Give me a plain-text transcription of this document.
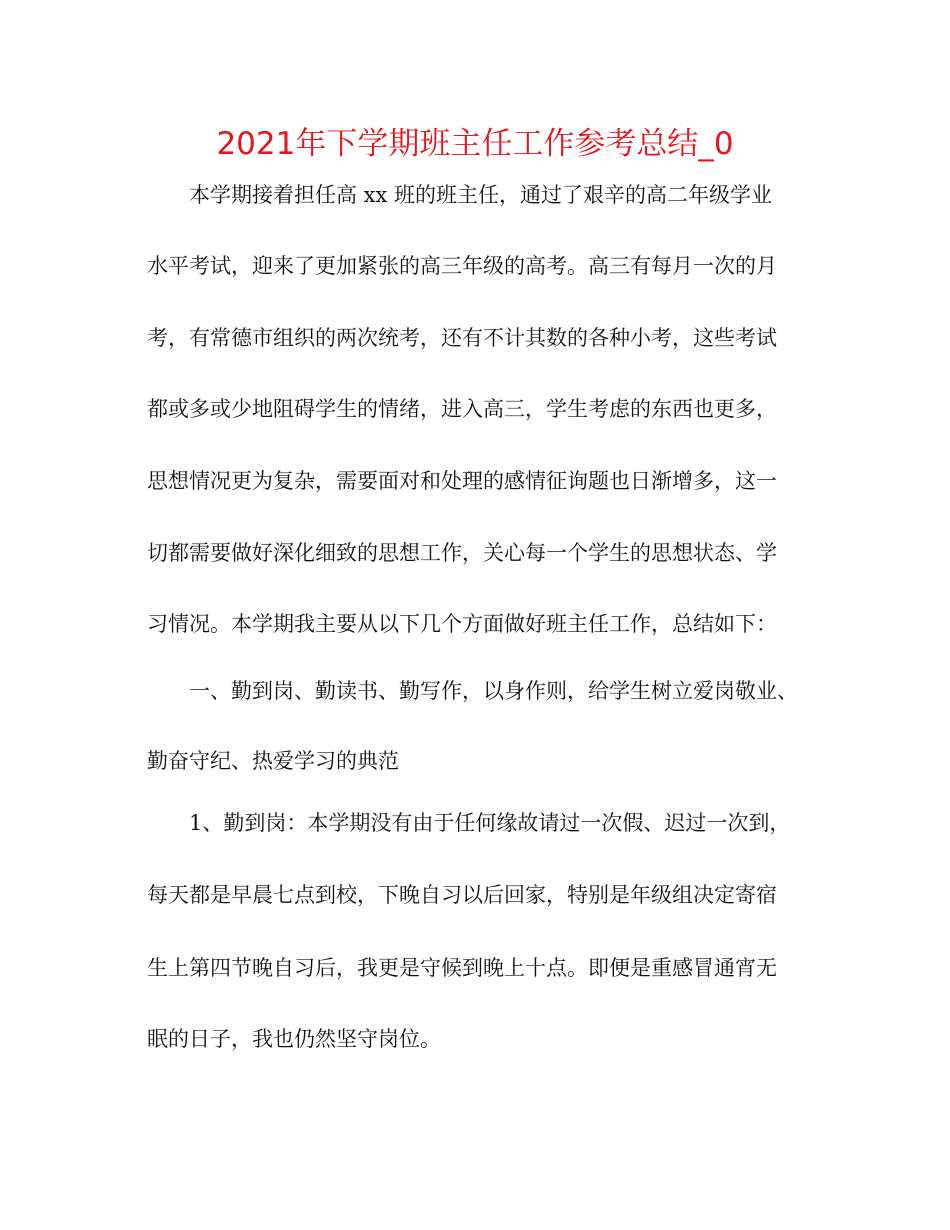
2021年下学期班主任工作参考总结_0

本学期接着担任高 xx 班的班主任，通过了艰辛的高二年级学业

水平考试，迎来了更加紧张的高三年级的高考。高三有每月一次的月

考，有常德市组织的两次统考，还有不计其数的各种小考，这些考试

都或多或少地阻碍学生的情绪，进入高三，学生考虑的东西也更多，

思想情况更为复杂，需要面对和处理的感情征询题也日渐增多，这一

切都需要做好深化细致的思想工作，关心每一个学生的思想状态、学

习情况。本学期我主要从以下几个方面做好班主任工作，总结如下：

一、勤到岗、勤读书、勤写作，以身作则，给学生树立爱岗敬业、

勤奋守纪、热爱学习的典范

1、勤到岗：本学期没有由于任何缘故请过一次假、迟过一次到，

每天都是早晨七点到校，下晚自习以后回家，特别是年级组决定寄宿

生上第四节晚自习后，我更是守候到晚上十点。即便是重感冒通宵无

眠的日子，我也仍然坚守岗位。
